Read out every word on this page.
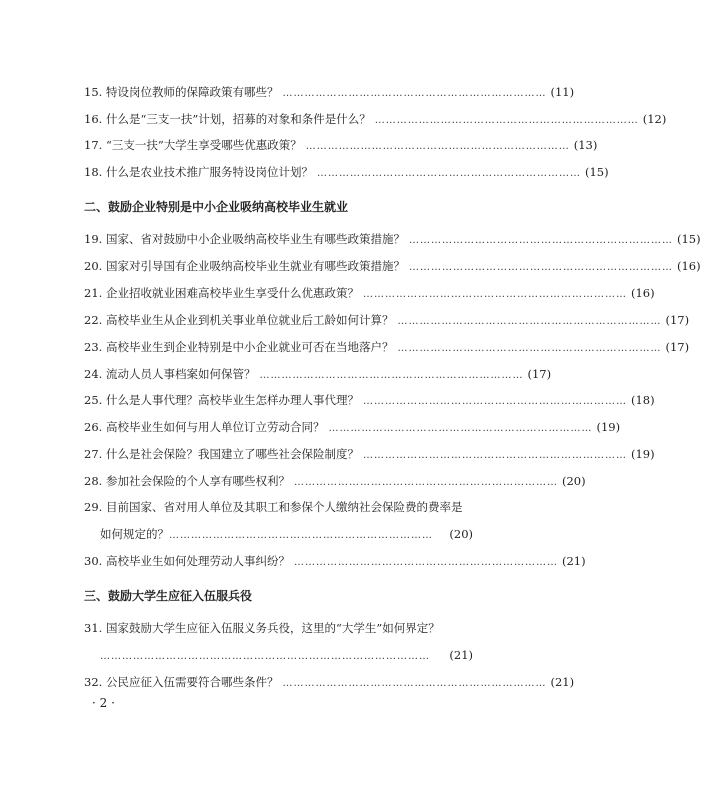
15. 特设岗位教师的保障政策有哪些？ ……………………………………………………………… (11)
16. 什么是“三支一扶”计划，招募的对象和条件是什么？ ……………………………………………………………… (12)
17. “三支一扶”大学生享受哪些优惠政策？ ……………………………………………………………… (13)
18. 什么是农业技术推广服务特设岗位计划？ ……………………………………………………………… (15)
二、鼓励企业特别是中小企业吸纳高校毕业生就业
19. 国家、省对鼓励中小企业吸纳高校毕业生有哪些政策措施？ ……………………………………………………………… (15)
20. 国家对引导国有企业吸纳高校毕业生就业有哪些政策措施？ ……………………………………………………………… (16)
21. 企业招收就业困难高校毕业生享受什么优惠政策？ ……………………………………………………………… (16)
22. 高校毕业生从企业到机关事业单位就业后工龄如何计算？ ……………………………………………………………… (17)
23. 高校毕业生到企业特别是中小企业就业可否在当地落户？ ……………………………………………………………… (17)
24. 流动人员人事档案如何保管？ ……………………………………………………………… (17)
25. 什么是人事代理？高校毕业生怎样办理人事代理？ ……………………………………………………………… (18)
26. 高校毕业生如何与用人单位订立劳动合同？ ……………………………………………………………… (19)
27. 什么是社会保险？我国建立了哪些社会保险制度？ ……………………………………………………………… (19)
28. 参加社会保险的个人享有哪些权利？ ……………………………………………………………… (20)
29. 目前国家、省对用人单位及其职工和参保个人缴纳社会保险费的费率是
如何规定的？ ………………………………………………………………	(20)
30. 高校毕业生如何处理劳动人事纠纷？ ……………………………………………………………… (21)
三、鼓励大学生应征入伍服兵役
31. 国家鼓励大学生应征入伍服义务兵役，这里的“大学生”如何界定？
………………………………………………………………………………	(21)
32. 公民应征入伍需要符合哪些条件？ ……………………………………………………………… (21)
· 2 ·
